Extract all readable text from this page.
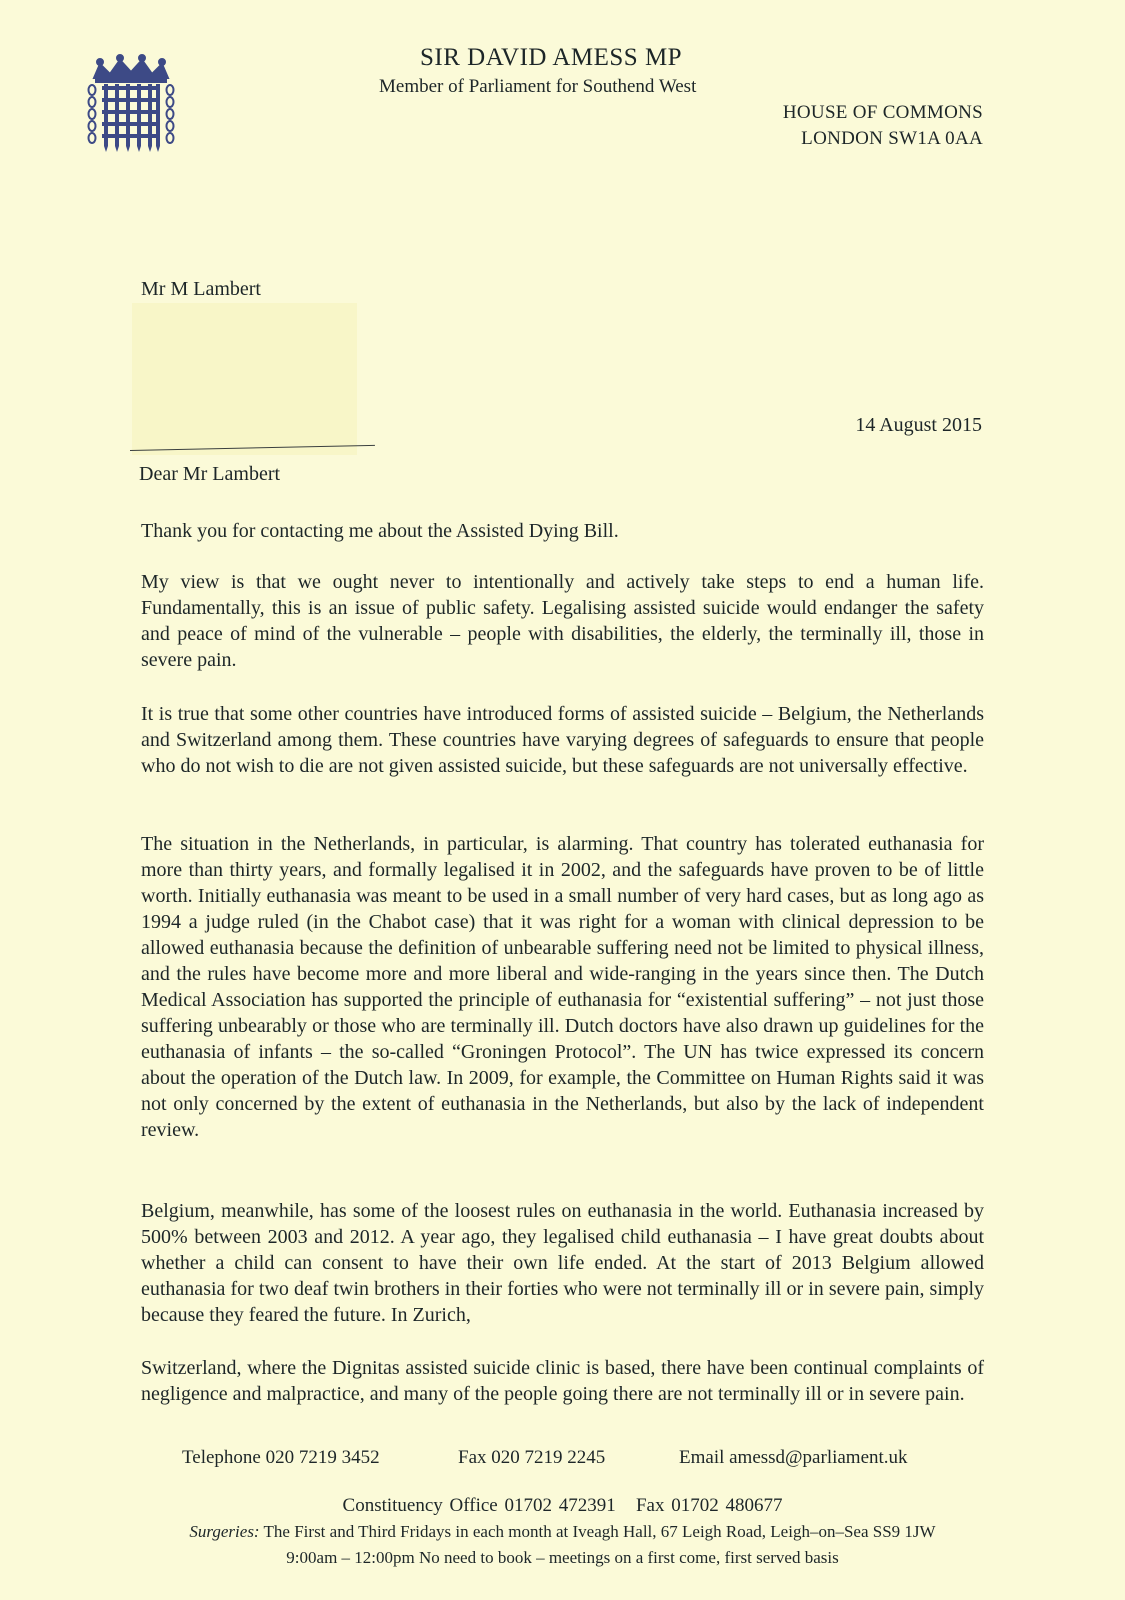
SIR DAVID AMESS MP
Member of Parliament for Southend West
HOUSE OF COMMONS
LONDON SW1A 0AA
Mr M Lambert
14 August 2015
Dear Mr Lambert

Thank you for contacting me about the Assisted Dying Bill.

My view is that we ought never to intentionally and actively take steps to end a human life. Fundamentally, this is an issue of public safety. Legalising assisted suicide would endanger the safety and peace of mind of the vulnerable – people with disabilities, the elderly, the terminally ill, those in severe pain.

It is true that some other countries have introduced forms of assisted suicide – Belgium, the Netherlands and Switzerland among them. These countries have varying degrees of safeguards to ensure that people who do not wish to die are not given assisted suicide, but these safeguards are not universally effective.

The situation in the Netherlands, in particular, is alarming. That country has tolerated euthanasia for more than thirty years, and formally legalised it in 2002, and the safeguards have proven to be of little worth. Initially euthanasia was meant to be used in a small number of very hard cases, but as long ago as 1994 a judge ruled (in the Chabot case) that it was right for a woman with clinical depression to be allowed euthanasia because the definition of unbearable suffering need not be limited to physical illness, and the rules have become more and more liberal and wide-ranging in the years since then. The Dutch Medical Association has supported the principle of euthanasia for “existential suffering” – not just those suffering unbearably or those who are terminally ill. Dutch doctors have also drawn up guidelines for the euthanasia of infants – the so-called “Groningen Protocol”. The UN has twice expressed its concern about the operation of the Dutch law. In 2009, for example, the Committee on Human Rights said it was not only concerned by the extent of euthanasia in the Netherlands, but also by the lack of independent review.

Belgium, meanwhile, has some of the loosest rules on euthanasia in the world. Euthanasia increased by 500% between 2003 and 2012. A year ago, they legalised child euthanasia – I have great doubts about whether a child can consent to have their own life ended. At the start of 2013 Belgium allowed euthanasia for two deaf twin brothers in their forties who were not terminally ill or in severe pain, simply because they feared the future. In Zurich,

Switzerland, where the Dignitas assisted suicide clinic is based, there have been continual complaints of negligence and malpractice, and many of the people going there are not terminally ill or in severe pain.

Telephone 020 7219 3452	Fax 020 7219 2245	Email amessd@parliament.uk
Constituency Office 01702 472391   Fax 01702 480677
Surgeries: The First and Third Fridays in each month at Iveagh Hall, 67 Leigh Road, Leigh–on–Sea SS9 1JW
9:00am – 12:00pm No need to book – meetings on a first come, first served basis
